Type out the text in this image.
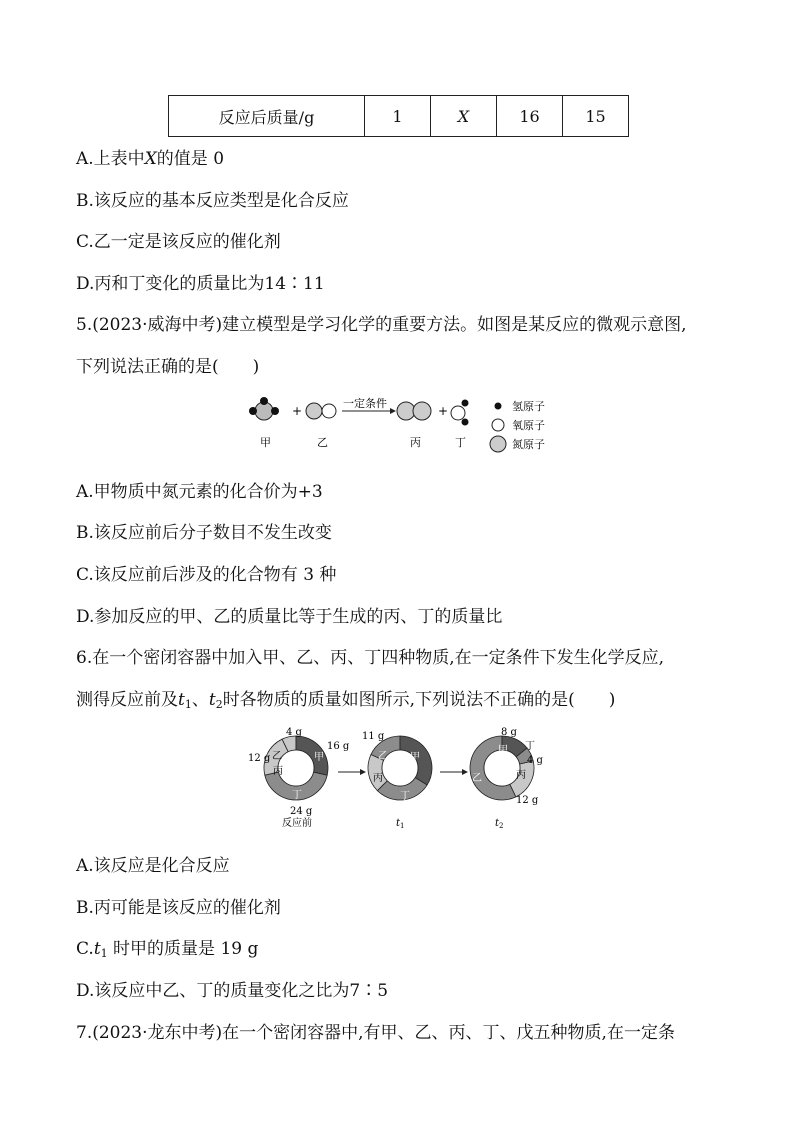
反应后质量/g	1	X	16	15
A.上表中X的值是 0
B.该反应的基本反应类型是化合反应
C.乙一定是该反应的催化剂
D.丙和丁变化的质量比为14∶11
5.(2023·威海中考)建立模型是学习化学的重要方法。如图是某反应的微观示意图,
下列说法正确的是(　　)
+
一定条件
+
甲	乙	丙	丁
氢原子
氧原子
氮原子
A.甲物质中氮元素的化合价为+3
B.该反应前后分子数目不发生改变
C.该反应前后涉及的化合物有 3 种
D.参加反应的甲、乙的质量比等于生成的丙、丁的质量比
6.在一个密闭容器中加入甲、乙、丙、丁四种物质,在一定条件下发生化学反应,
测得反应前及$t_1$、$t_2$时各物质的质量如图所示,下列说法不正确的是(　　)
甲
乙
丙
丁
16 g
4 g
12 g
24 g
反应前
甲
乙
丙
丁
11 g
$t_1$
甲
乙	丙
丁
8 g
4 g
12 g
$t_2$
A.该反应是化合反应
B.丙可能是该反应的催化剂
$C.t_1$ 时甲的质量是 19 g
D.该反应中乙、丁的质量变化之比为7∶5
7.(2023·龙东中考)在一个密闭容器中,有甲、乙、丙、丁、戊五种物质,在一定条
